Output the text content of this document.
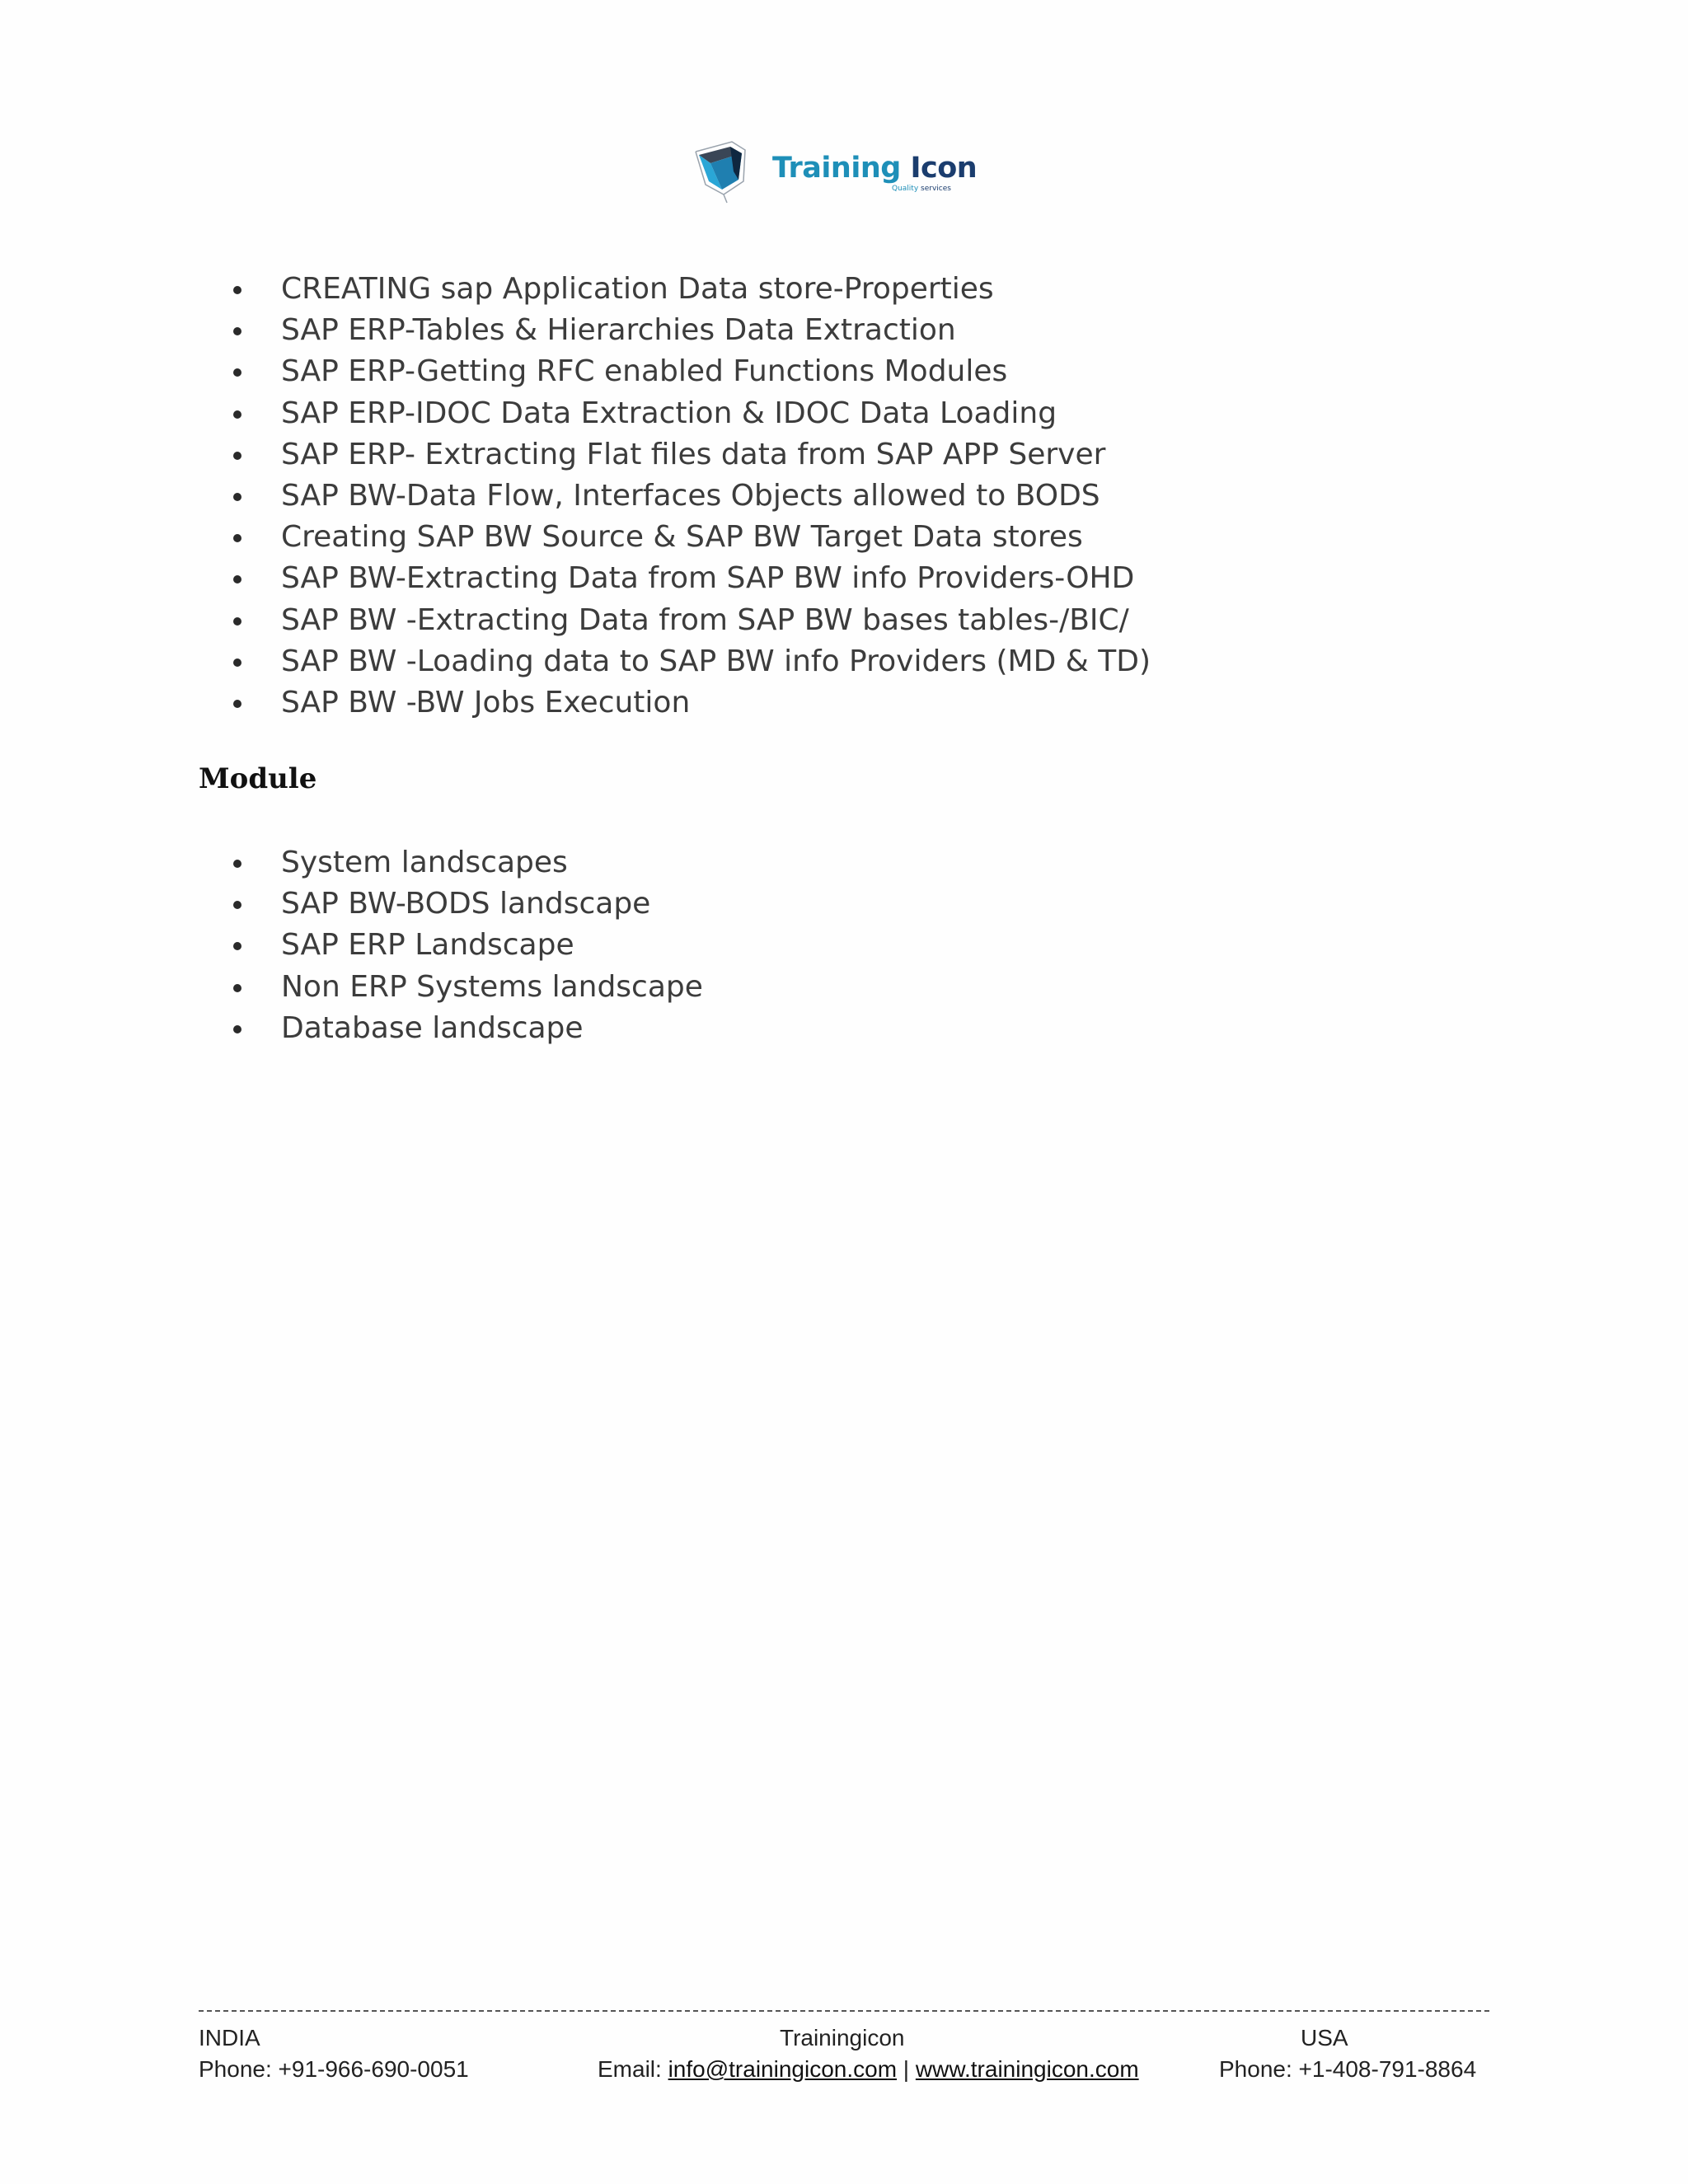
Training Icon
Quality services
CREATING sap Application Data store-Properties
SAP ERP-Tables & Hierarchies Data Extraction
SAP ERP-Getting RFC enabled Functions Modules
SAP ERP-IDOC Data Extraction & IDOC Data Loading
SAP ERP- Extracting Flat files data from SAP APP Server
SAP BW-Data Flow, Interfaces Objects allowed to BODS
Creating SAP BW Source & SAP BW Target Data stores
SAP BW-Extracting Data from SAP BW info Providers-OHD
SAP BW -Extracting Data from SAP BW bases tables-/BIC/
SAP BW -Loading data to SAP BW info Providers (MD & TD)
SAP BW -BW Jobs Execution
Module
System landscapes
SAP BW-BODS landscape
SAP ERP Landscape
Non ERP Systems landscape
Database landscape
INDIA
Phone: +91-966-690-0051
Trainingicon
Email: info@trainingicon.com | www.trainingicon.com
USA
Phone: +1-408-791-8864
